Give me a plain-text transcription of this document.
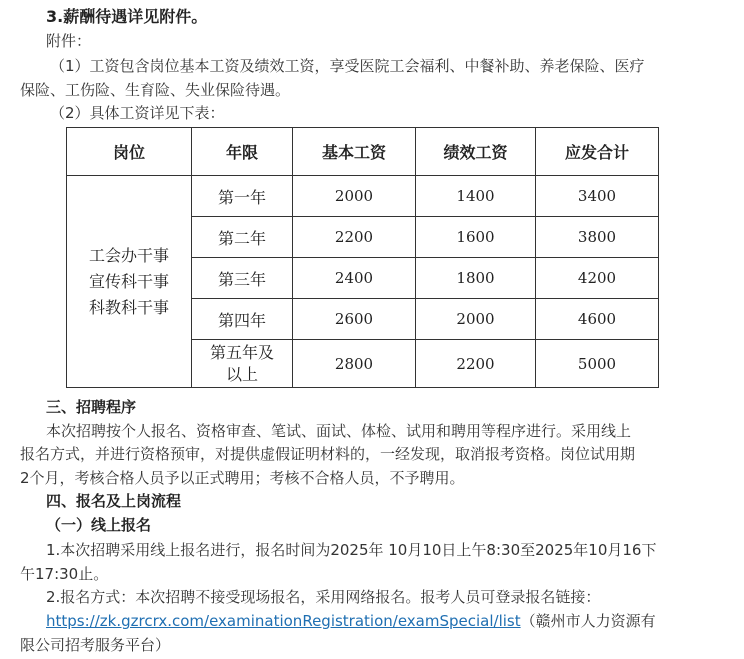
3.薪酬待遇详见附件。
附件：
（1）工资包含岗位基本工资及绩效工资，享受医院工会福利、中餐补助、养老保险、医疗
保险、工伤险、生育险、失业保险待遇。
（2）具体工资详见下表：
岗位	年限	基本工资	绩效工资	应发合计

工会办干事
宣传科干事
科教科干事	第一年	2000	1400	3400
	第二年	2200	1600	3800
	第三年	2400	1800	4200
	第四年	2600	2000	4600

	第五年及
以上	2800	2200	5000
三、招聘程序
本次招聘按个人报名、资格审查、笔试、面试、体检、试用和聘用等程序进行。采用线上
报名方式，并进行资格预审，对提供虚假证明材料的，一经发现，取消报考资格。岗位试用期
2个月，考核合格人员予以正式聘用；考核不合格人员，不予聘用。
四、报名及上岗流程
（一）线上报名
1.本次招聘采用线上报名进行，报名时间为2025年 10月10日上午8:30至2025年10月16下
午17:30止。
2.报名方式：本次招聘不接受现场报名，采用网络报名。报考人员可登录报名链接：
https://zk.gzrcrx.com/examinationRegistration/examSpecial/list（赣州市人力资源有
限公司招考服务平台）
